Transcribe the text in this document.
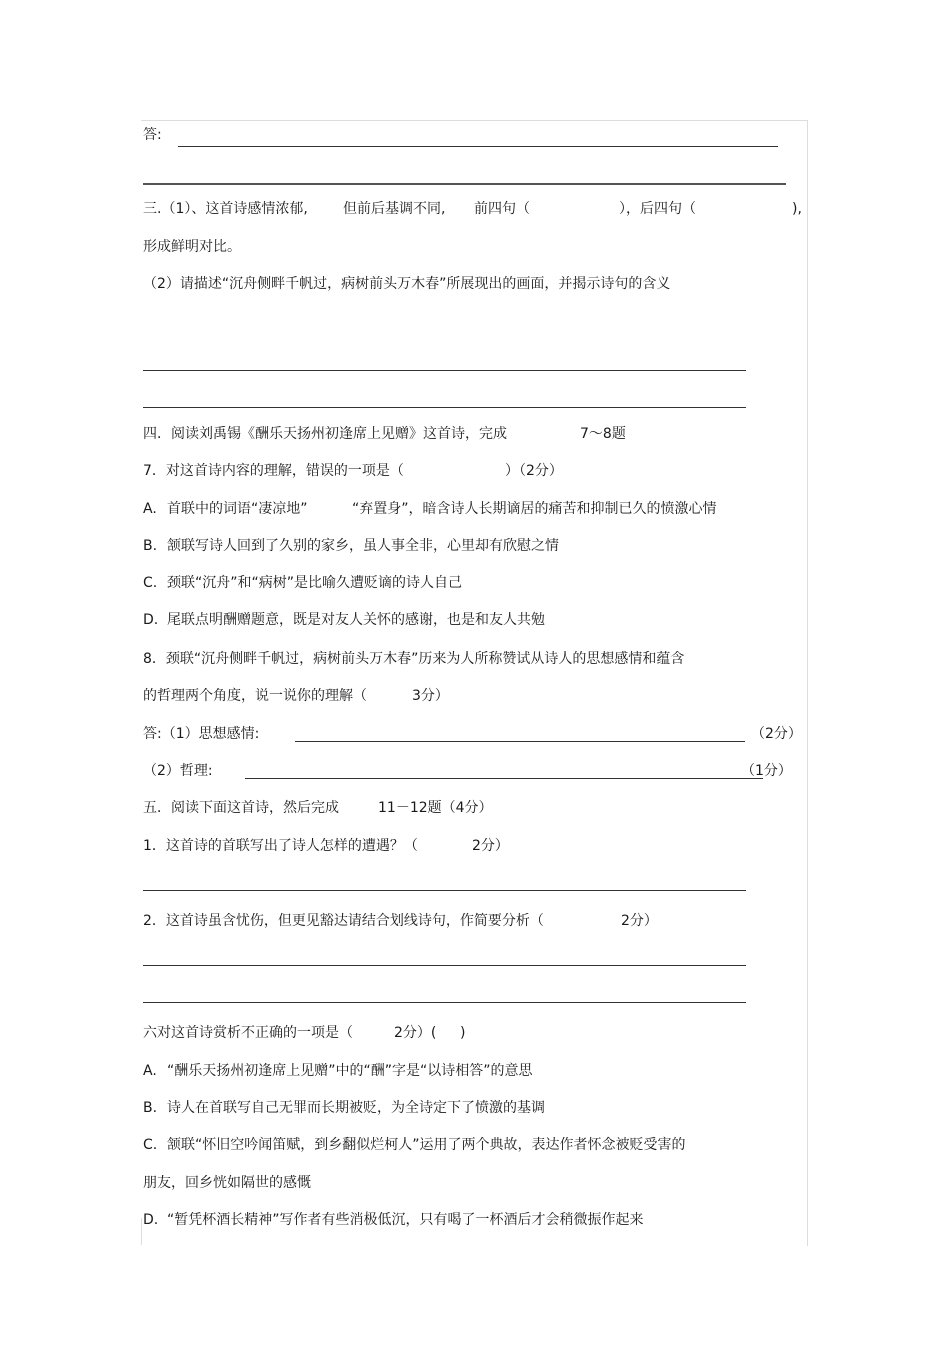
答:
三.（1）、这首诗感情浓郁,	但前后基调不同, 前四句（	），后四句（	),
形成鲜明对比。
（2）请描述“沉舟侧畔千帆过，病树前头万木春”所展现出的画面，并揭示诗句的含义
四．阅读刘禹锡《酬乐天扬州初逢席上见赠》这首诗，完成	7～8题
7．对这首诗内容的理解，错误的一项是（	）（2分）
A. 首联中的词语“凄凉地”	“弃置身”，暗含诗人长期谪居的痛苦和抑制已久的愤激心情
B. 颔联写诗人回到了久别的家乡，虽人事全非，心里却有欣慰之情
C. 颈联“沉舟”和“病树”是比喻久遭贬谪的诗人自己
D. 尾联点明酬赠题意，既是对友人关怀的感谢，也是和友人共勉
8．颈联“沉舟侧畔千帆过，病树前头万木春”历来为人所称赞试从诗人的思想感情和蕴含
的哲理两个角度，说一说你的理解（	3分）
答:（1）思想感情:	（2分）
（2）哲理:	（1分）
五．阅读下面这首诗，然后完成	11－12题（4分）
1．这首诗的首联写出了诗人怎样的遭遇？（	2分）
2．这首诗虽含忧伤，但更见豁达请结合划线诗句，作简要分析（	2分）
六对这首诗赏析不正确的一项是（	2分）( )
A. “酬乐天扬州初逢席上见赠”中的“酬”字是“以诗相答”的意思
B. 诗人在首联写自己无罪而长期被贬，为全诗定下了愤激的基调
C. 颔联“怀旧空吟闻笛赋，到乡翻似烂柯人”运用了两个典故，表达作者怀念被贬受害的
朋友，回乡恍如隔世的感慨
D. “暂凭杯酒长精神”写作者有些消极低沉，只有喝了一杯酒后才会稍微振作起来
